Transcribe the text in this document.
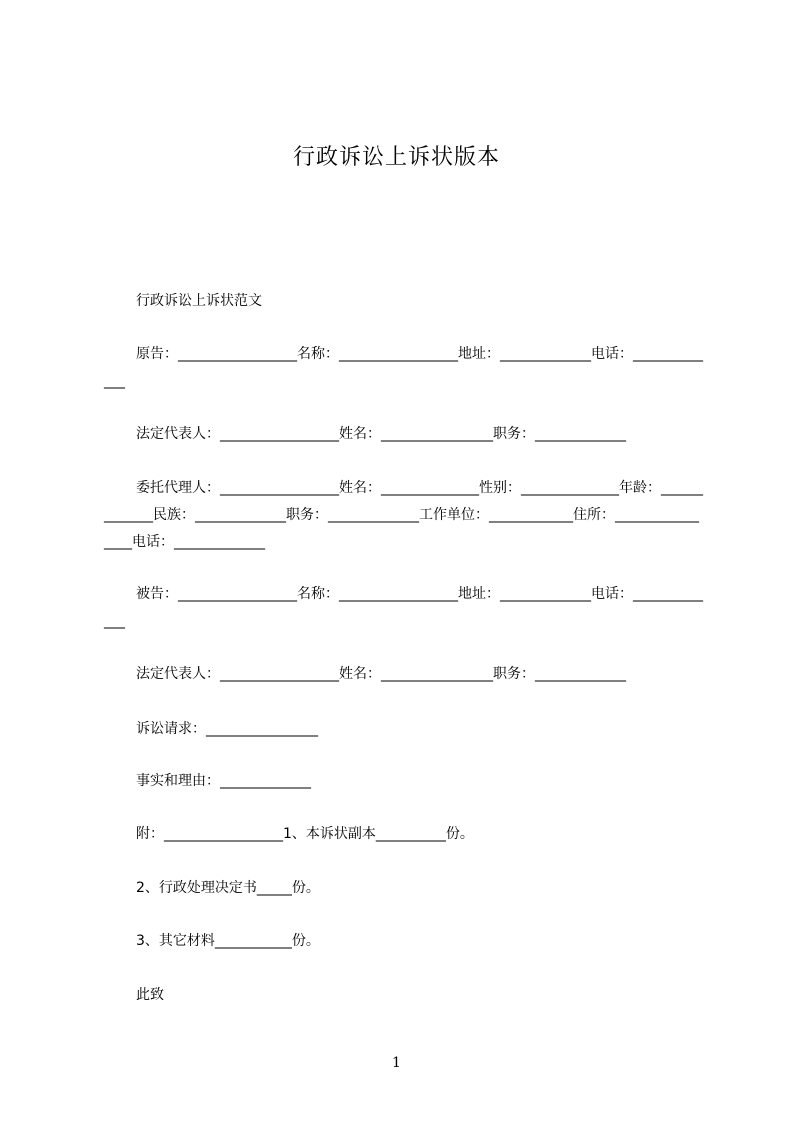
行政诉讼上诉状版本
行政诉讼上诉状范文
原告：_________________名称：_________________地址：_____________电话：_____________
法定代表人：_________________姓名：________________职务：_____________
委托代理人：_________________姓名：______________性别：______________年龄：_____________民族：_____________职务：_____________工作单位：____________住所：________________电话：_____________
被告：_________________名称：_________________地址：_____________电话：_____________
法定代表人：_________________姓名：________________职务：_____________
诉讼请求：________________
事实和理由：_____________
附：_________________1、本诉状副本__________份。
2、行政处理决定书_____份。
3、其它材料___________份。
此致
1
